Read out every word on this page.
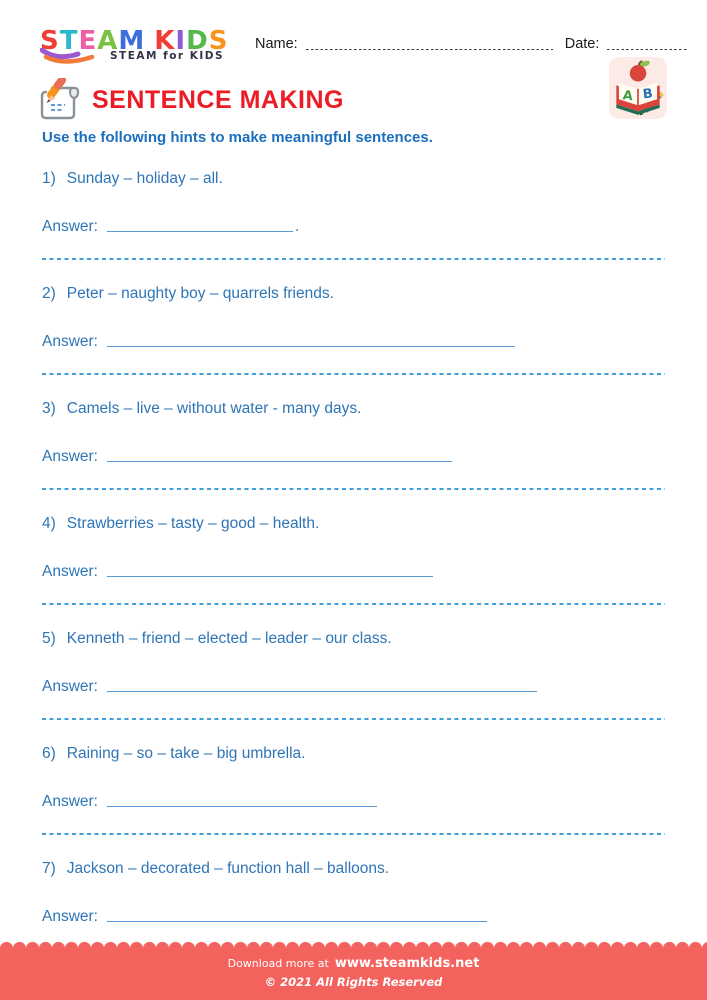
STEAM KIDS
STEAM for KIDS
Name:	Date:
A B
SENTENCE MAKING

Use the following hints to make meaningful sentences.

1) Sunday – holiday – all.
Answer:	.
2) Peter – naughty boy – quarrels friends.
Answer:
3) Camels – live – without water - many days.
Answer:
4) Strawberries – tasty – good – health.
Answer:
5) Kenneth – friend – elected – leader – our class.
Answer:
6) Raining – so – take – big umbrella.
Answer:
7) Jackson – decorated – function hall – balloons.
Answer:
Download more at www.steamkids.net
© 2021 All Rights Reserved
